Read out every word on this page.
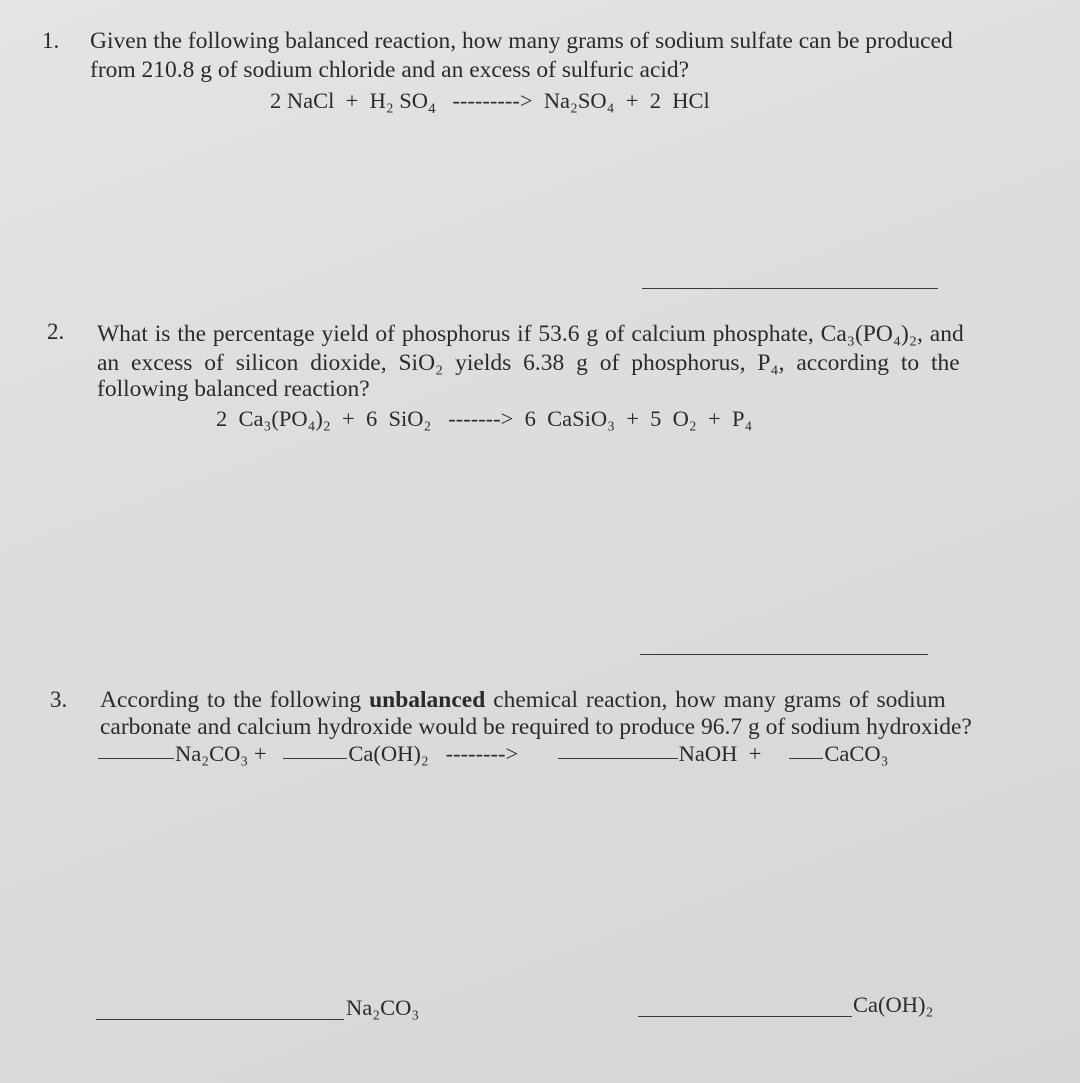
1. Given the following balanced reaction, how many grams of sodium sulfate can be produced
from 210.8 g of sodium chloride and an excess of sulfuric acid?
2 NaCl + H₂ $SO_4$ ---------> Na₂SO₄ + 2 HCl
2. What is the percentage yield of phosphorus if 53.6 g of calcium phosphate, Ca₃(PO₄)₂, and
an excess of silicon dioxide, SiO₂ yields 6.38 g of phosphorus, P₄, according to the
following balanced reaction?
2 Ca₃(PO₄)₂ + 6 SiO₂ -------> 6 CaSiO₃ + 5 O₂ + P₄
3. According to the following unbalanced chemical reaction, how many grams of sodium
carbonate and calcium hydroxide would be required to produce 96.7 g of sodium hydroxide?
Na₂CO₃ +	Ca(OH)₂ -------->	NaOH +	CaCO₃
Na₂CO₃	Ca(OH)₂
